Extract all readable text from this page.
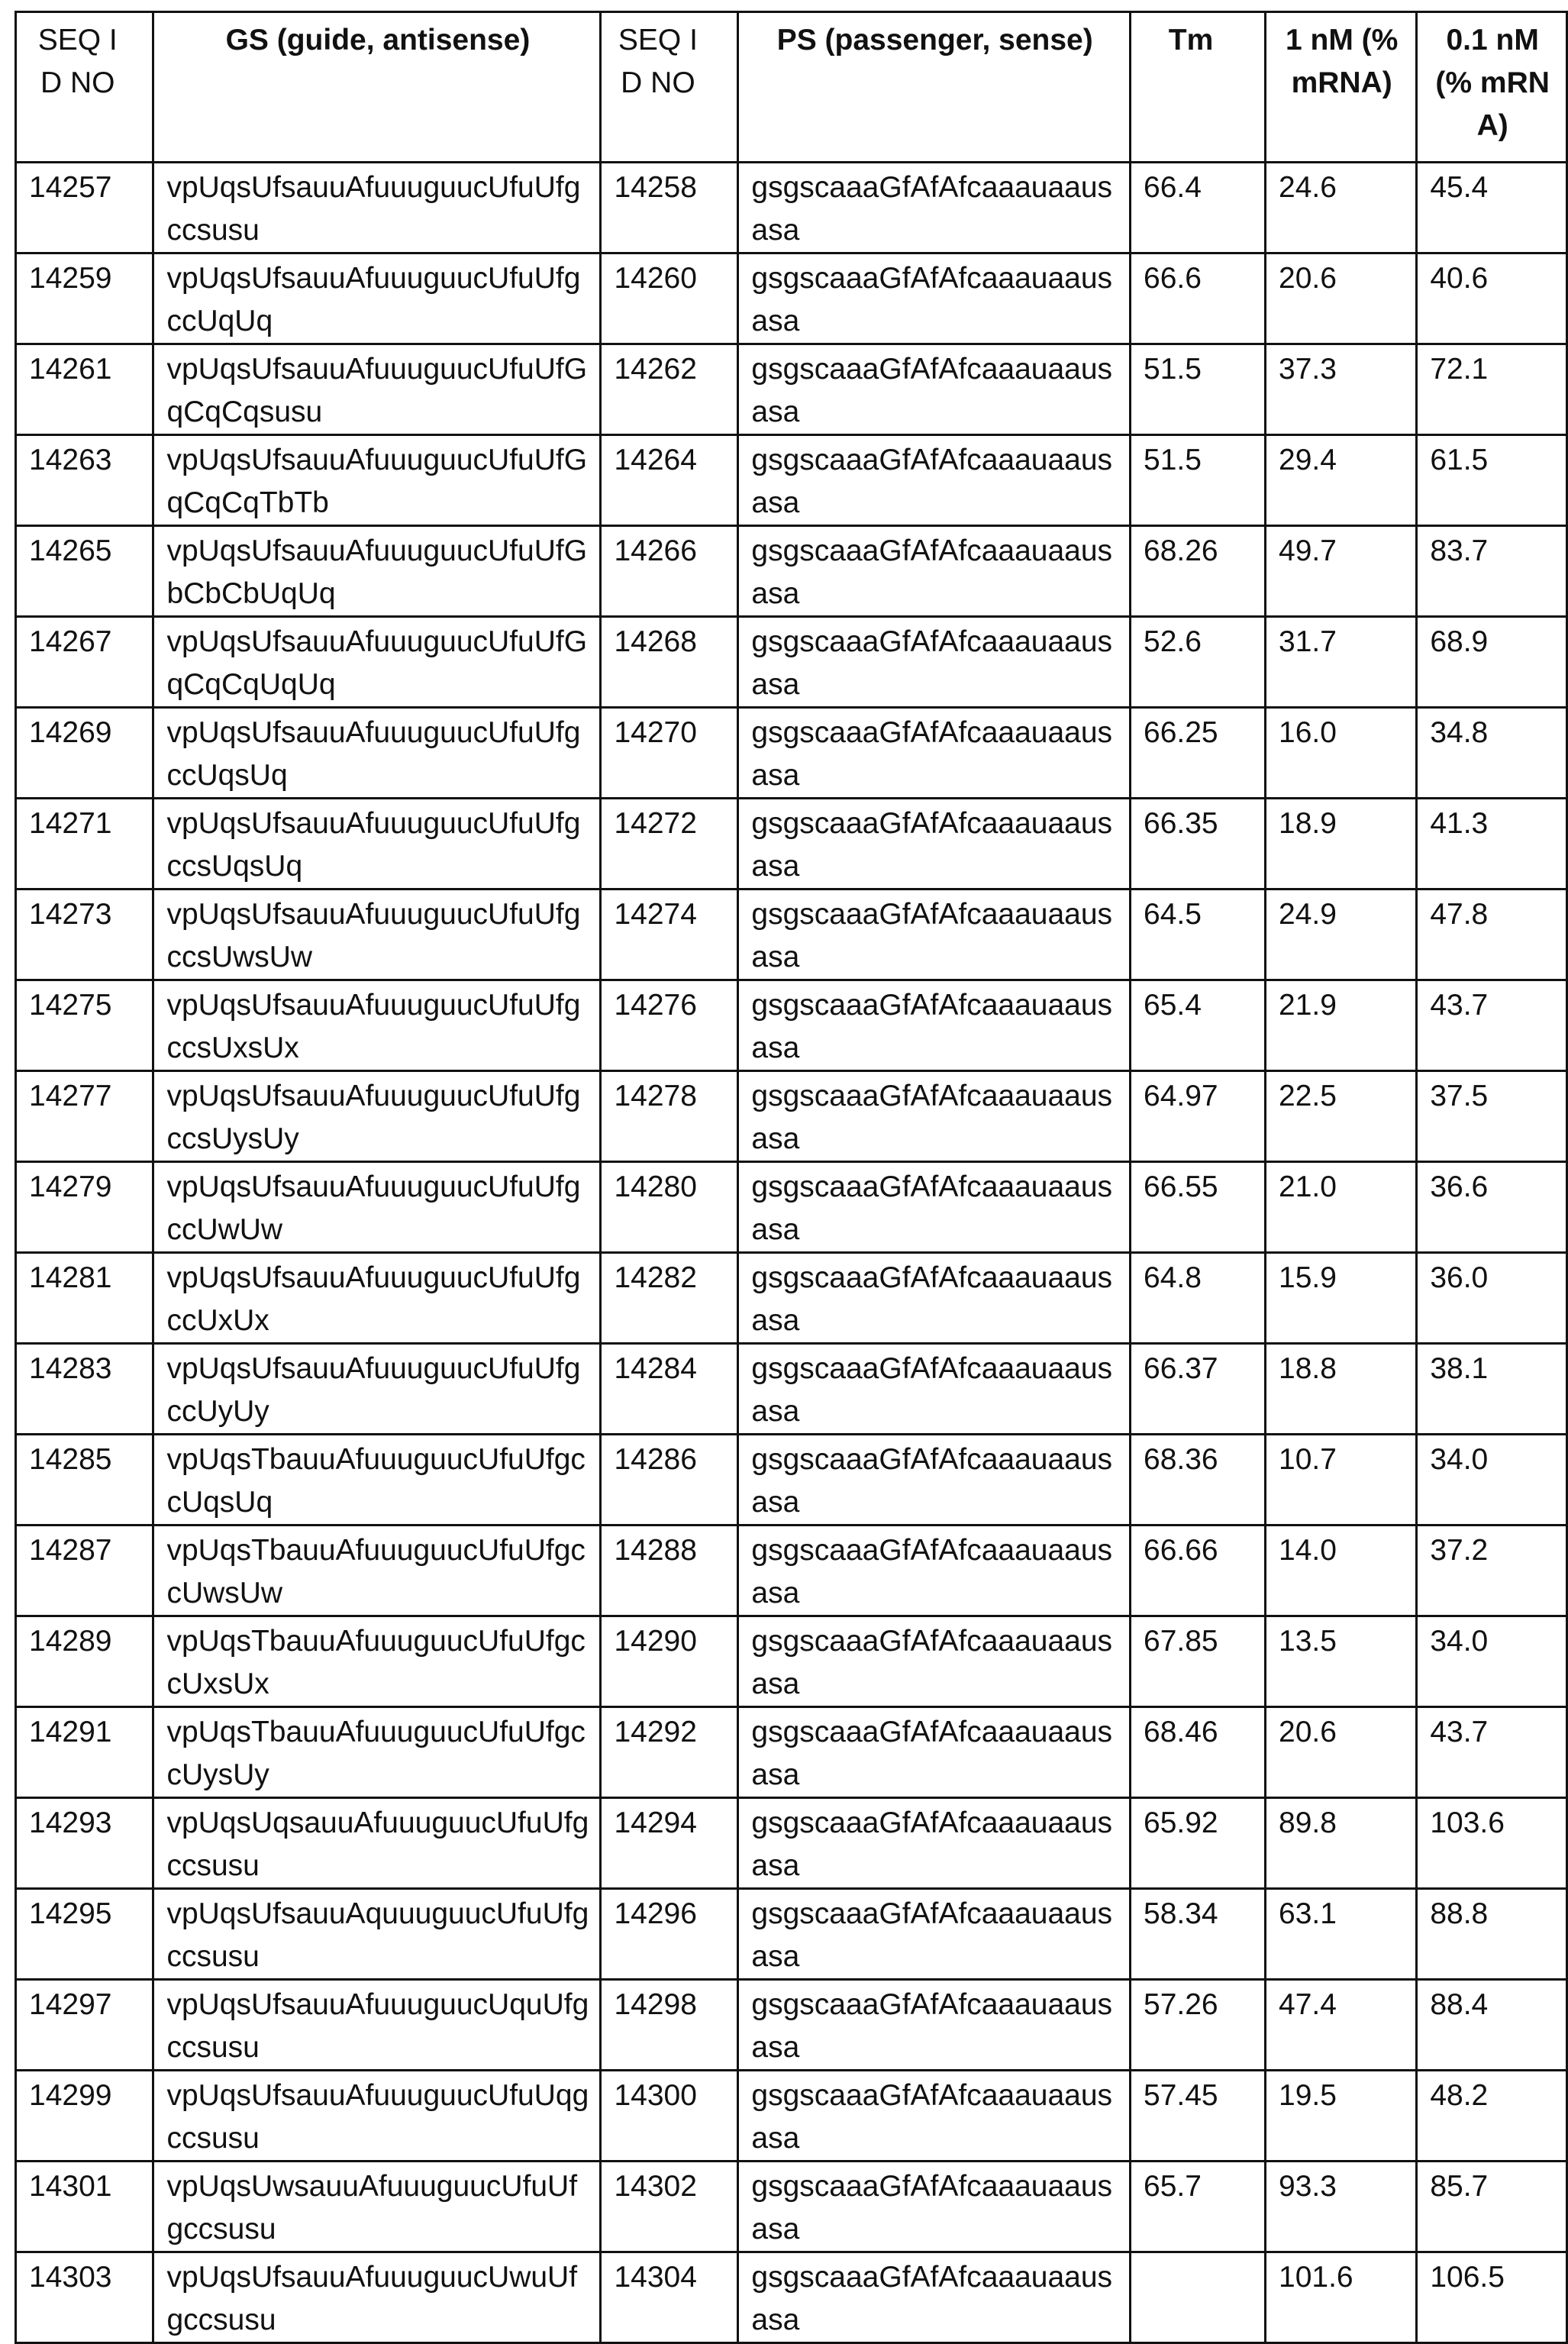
SEQ ID NO	GS (guide, antisense)	SEQ ID NO	PS (passenger, sense)	Tm	1 nM (% mRNA)	0.1 nM (% mRNA)
14257	vpUqsUfsauuAfuuuguucUfuUfgccsusu	14258	gsgscaaaGfAfAfcaaauaausasa	66.4	24.6	45.4
14259	vpUqsUfsauuAfuuuguucUfuUfgccUqUq	14260	gsgscaaaGfAfAfcaaauaausasa	66.6	20.6	40.6
14261	vpUqsUfsauuAfuuuguucUfuUfGqCqCqsusu	14262	gsgscaaaGfAfAfcaaauaausasa	51.5	37.3	72.1
14263	vpUqsUfsauuAfuuuguucUfuUfGqCqCqTbTb	14264	gsgscaaaGfAfAfcaaauaausasa	51.5	29.4	61.5
14265	vpUqsUfsauuAfuuuguucUfuUfGbCbCbUqUq	14266	gsgscaaaGfAfAfcaaauaausasa	68.26	49.7	83.7
14267	vpUqsUfsauuAfuuuguucUfuUfGqCqCqUqUq	14268	gsgscaaaGfAfAfcaaauaausasa	52.6	31.7	68.9
14269	vpUqsUfsauuAfuuuguucUfuUfgccUqsUq	14270	gsgscaaaGfAfAfcaaauaausasa	66.25	16.0	34.8
14271	vpUqsUfsauuAfuuuguucUfuUfgccsUqsUq	14272	gsgscaaaGfAfAfcaaauaausasa	66.35	18.9	41.3
14273	vpUqsUfsauuAfuuuguucUfuUfgccsUwsUw	14274	gsgscaaaGfAfAfcaaauaausasa	64.5	24.9	47.8
14275	vpUqsUfsauuAfuuuguucUfuUfgccsUxsUx	14276	gsgscaaaGfAfAfcaaauaausasa	65.4	21.9	43.7
14277	vpUqsUfsauuAfuuuguucUfuUfgccsUysUy	14278	gsgscaaaGfAfAfcaaauaausasa	64.97	22.5	37.5
14279	vpUqsUfsauuAfuuuguucUfuUfgccUwUw	14280	gsgscaaaGfAfAfcaaauaausasa	66.55	21.0	36.6
14281	vpUqsUfsauuAfuuuguucUfuUfgccUxUx	14282	gsgscaaaGfAfAfcaaauaausasa	64.8	15.9	36.0
14283	vpUqsUfsauuAfuuuguucUfuUfgccUyUy	14284	gsgscaaaGfAfAfcaaauaausasa	66.37	18.8	38.1
14285	vpUqsTbauuAfuuuguucUfuUfgccUqsUq	14286	gsgscaaaGfAfAfcaaauaausasa	68.36	10.7	34.0
14287	vpUqsTbauuAfuuuguucUfuUfgccUwsUw	14288	gsgscaaaGfAfAfcaaauaausasa	66.66	14.0	37.2
14289	vpUqsTbauuAfuuuguucUfuUfgccUxsUx	14290	gsgscaaaGfAfAfcaaauaausasa	67.85	13.5	34.0
14291	vpUqsTbauuAfuuuguucUfuUfgccUysUy	14292	gsgscaaaGfAfAfcaaauaausasa	68.46	20.6	43.7
14293	vpUqsUqsauuAfuuuguucUfuUfgccsusu	14294	gsgscaaaGfAfAfcaaauaausasa	65.92	89.8	103.6
14295	vpUqsUfsauuAquuuguucUfuUfgccsusu	14296	gsgscaaaGfAfAfcaaauaausasa	58.34	63.1	88.8
14297	vpUqsUfsauuAfuuuguucUquUfgccsusu	14298	gsgscaaaGfAfAfcaaauaausasa	57.26	47.4	88.4
14299	vpUqsUfsauuAfuuuguucUfuUqgccsusu	14300	gsgscaaaGfAfAfcaaauaausasa	57.45	19.5	48.2
14301	vpUqsUwsauuAfuuuguucUfuUfgccsusu	14302	gsgscaaaGfAfAfcaaauaausasa	65.7	93.3	85.7
14303	vpUqsUfsauuAfuuuguucUwuUfgccsusu	14304	gsgscaaaGfAfAfcaaauaausasa		101.6	106.5
